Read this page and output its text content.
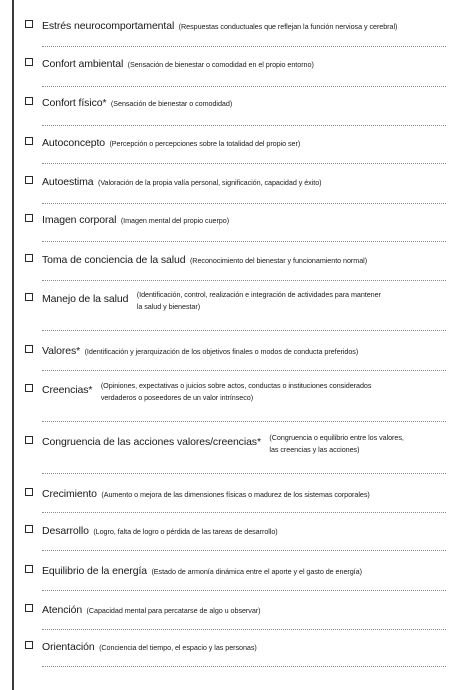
Estrés neurocomportamental (Respuestas conductuales que reflejan la función nerviosa y cerebral)
Confort ambiental (Sensación de bienestar o comodidad en el propio entorno)
Confort físico* (Sensación de bienestar o comodidad)
Autoconcepto (Percepción o percepciones sobre la totalidad del propio ser)
Autoestima (Valoración de la propia valía personal, significación, capacidad y éxito)
Imagen corporal (Imagen mental del propio cuerpo)
Toma de conciencia de la salud (Reconocimiento del bienestar y funcionamiento normal)
Manejo de la salud (Identificación, control, realización e integración de actividades para mantener
la salud y bienestar)
Valores* (Identificación y jerarquización de los objetivos finales o modos de conducta preferidos)
Creencias* (Opiniones, expectativas o juicios sobre actos, conductas o instituciones considerados
verdaderos o poseedores de un valor intrínseco)
Congruencia de las acciones valores/creencias* (Congruencia o equilibrio entre los valores,
las creencias y las acciones)
Crecimiento (Aumento o mejora de las dimensiones físicas o madurez de los sistemas corporales)
Desarrollo (Logro, falta de logro o pérdida de las tareas de desarrollo)
Equilibrio de la energía (Estado de armonía dinámica entre el aporte y el gasto de energía)
Atención (Capacidad mental para percatarse de algo u observar)
Orientación (Conciencia del tiempo, el espacio y las personas)
